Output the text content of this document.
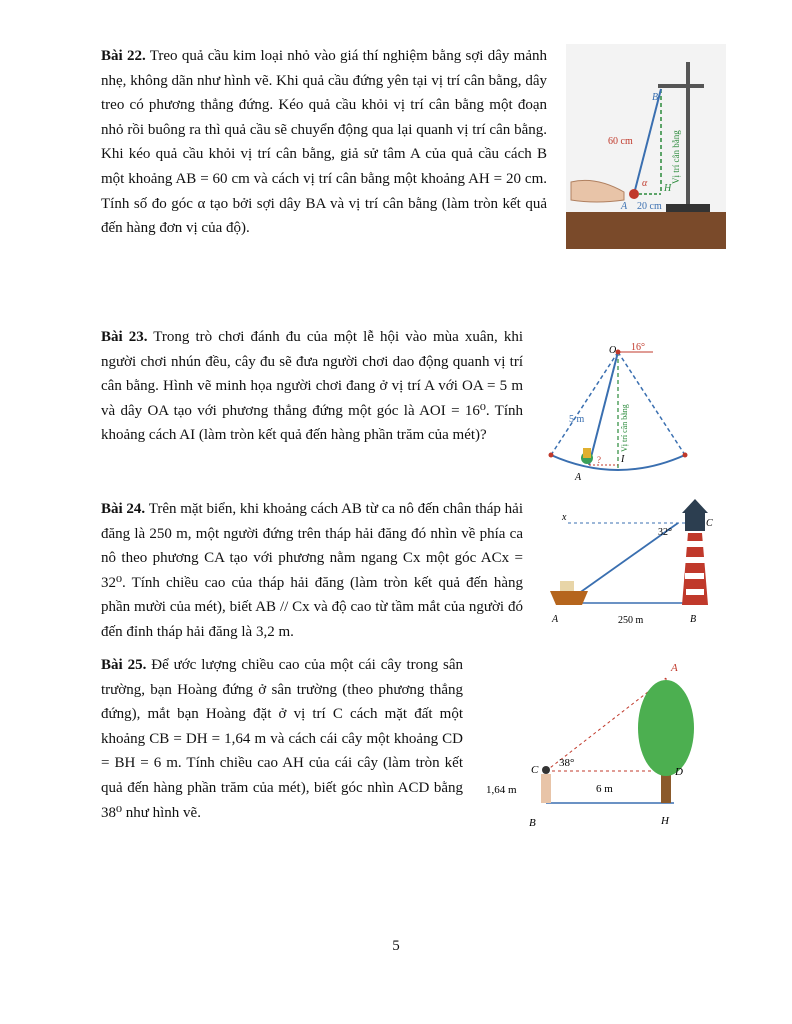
Bài 22. Treo quả cầu kim loại nhỏ vào giá thí nghiệm bằng sợi dây mảnh nhẹ, không dãn như hình vẽ. Khi quả cầu đứng yên tại vị trí cân bằng, dây treo có phương thẳng đứng. Kéo quả cầu khỏi vị trí cân bằng một đoạn nhỏ rồi buông ra thì quả cầu sẽ chuyển động qua lại quanh vị trí cân bằng. Khi kéo quả cầu khỏi vị trí cân bằng, giả sử tâm A của quả cầu cách B một khoảng AB = 60 cm và cách vị trí cân bằng một khoảng AH = 20 cm. Tính số đo góc α tạo bởi sợi dây BA và vị trí cân bằng (làm tròn kết quả đến hàng đơn vị của độ).
B
60 cm
H
A 20 cm
α	Vị trí cân bằng
Bài 23. Trong trò chơi đánh đu của một lễ hội vào mùa xuân, khi người chơi nhún đều, cây đu sẽ đưa người chơi dao động quanh vị trí cân bằng. Hình vẽ minh họa người chơi đang ở vị trí A với OA = 5 m và dây OA tạo với phương thẳng đứng một góc là AOI = 16⁰. Tính khoảng cách AI (làm tròn kết quả đến hàng phần trăm của mét)?
O 16°
5 m
? I
A
Vị trí cân bằng
Bài 24. Trên mặt biển, khi khoảng cách AB từ ca nô đến chân tháp hải đăng là 250 m, một người đứng trên tháp hải đăng đó nhìn về phía ca nô theo phương CA tạo với phương nằm ngang Cx một góc ACx = 32⁰. Tính chiều cao của tháp hải đăng (làm tròn kết quả đến hàng phần mười của mét), biết AB // Cx và độ cao từ tầm mắt của người đó đến đỉnh tháp hải đăng là 3,2 m.
x
32°
C
A	250 m	B
Bài 25. Để ước lượng chiều cao của một cái cây trong sân trường, bạn Hoàng đứng ở sân trường (theo phương thẳng đứng), mắt bạn Hoàng đặt ở vị trí C cách mặt đất một khoảng CB = DH = 1,64 m và cách cái cây một khoảng CD = BH = 6 m. Tính chiều cao AH của cái cây (làm tròn kết quả đến hàng phần trăm của mét), biết góc nhìn ACD bằng 38⁰ như hình vẽ.
A
C
38°
D
1,64 m	6 m
B	H
5
